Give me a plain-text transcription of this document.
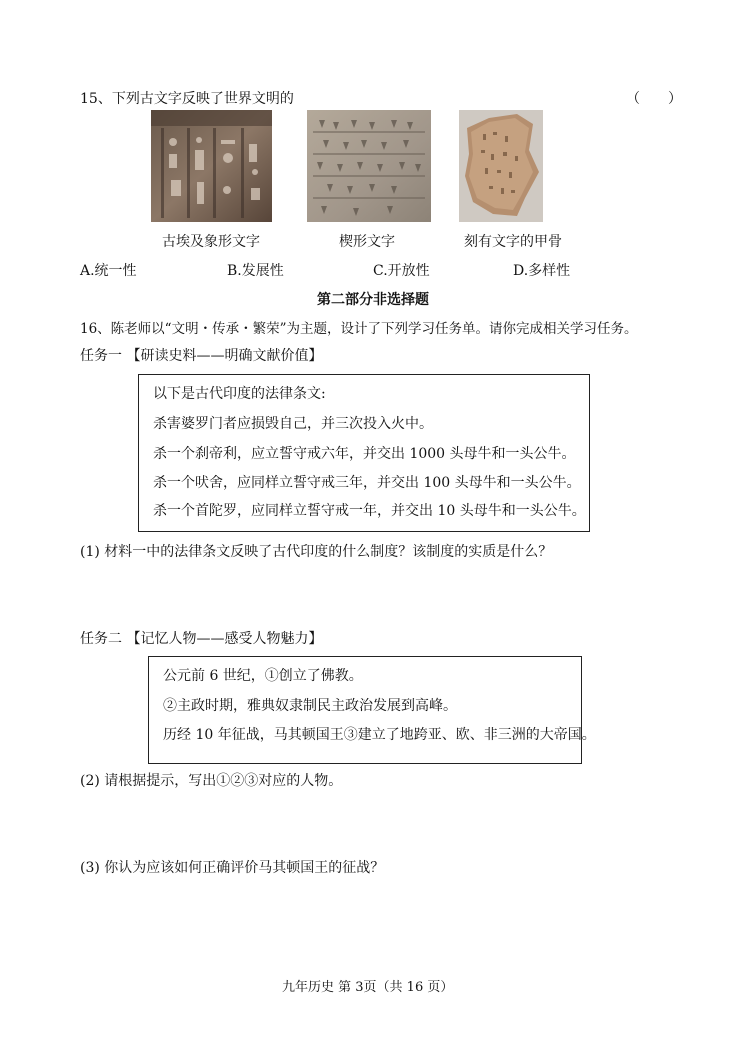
15、下列古文字反映了世界文明的	（　　）
古埃及象形文字	楔形文字	刻有文字的甲骨
A.统一性	B.发展性	C.开放性	D.多样性
第二部分非选择题
16、陈老师以“文明・传承・繁荣”为主题，设计了下列学习任务单。请你完成相关学习任务。
任务一 【研读史料——明确文献价值】
以下是古代印度的法律条文:
杀害婆罗门者应损毁自己，并三次投入火中。
杀一个刹帝利，应立誓守戒六年，并交出 1000 头母牛和一头公牛。
杀一个吠舍，应同样立誓守戒三年，并交出 100 头母牛和一头公牛。
杀一个首陀罗，应同样立誓守戒一年，并交出 10 头母牛和一头公牛。
(1) 材料一中的法律条文反映了古代印度的什么制度？该制度的实质是什么？
任务二 【记忆人物——感受人物魅力】
公元前 6 世纪，①创立了佛教。
②主政时期，雅典奴隶制民主政治发展到高峰。
历经 10 年征战，马其顿国王③建立了地跨亚、欧、非三洲的大帝国。
(2) 请根据提示，写出①②③对应的人物。
(3) 你认为应该如何正确评价马其顿国王的征战？
九年历史 第 3页（共 16 页）
